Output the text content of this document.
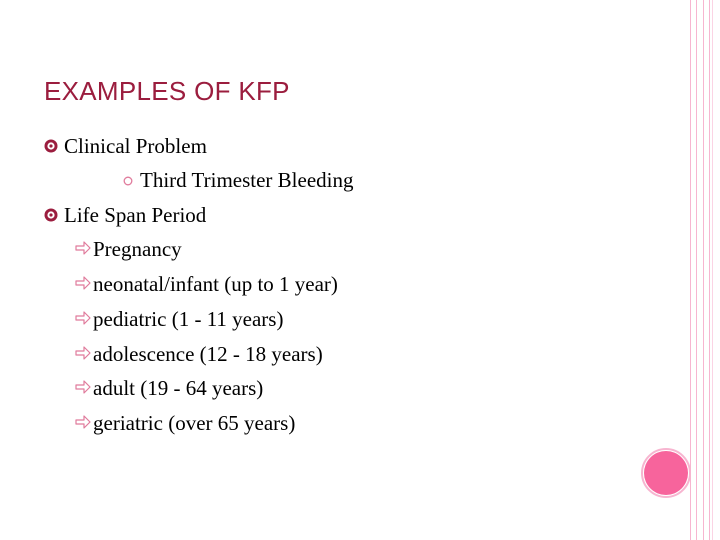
EXAMPLES OF KFP
Clinical Problem
Third Trimester Bleeding
Life Span Period
Pregnancy
neonatal/infant (up to 1 year)
pediatric (1 - 11 years)
adolescence (12 - 18 years)
adult (19 - 64 years)
geriatric (over 65 years)
